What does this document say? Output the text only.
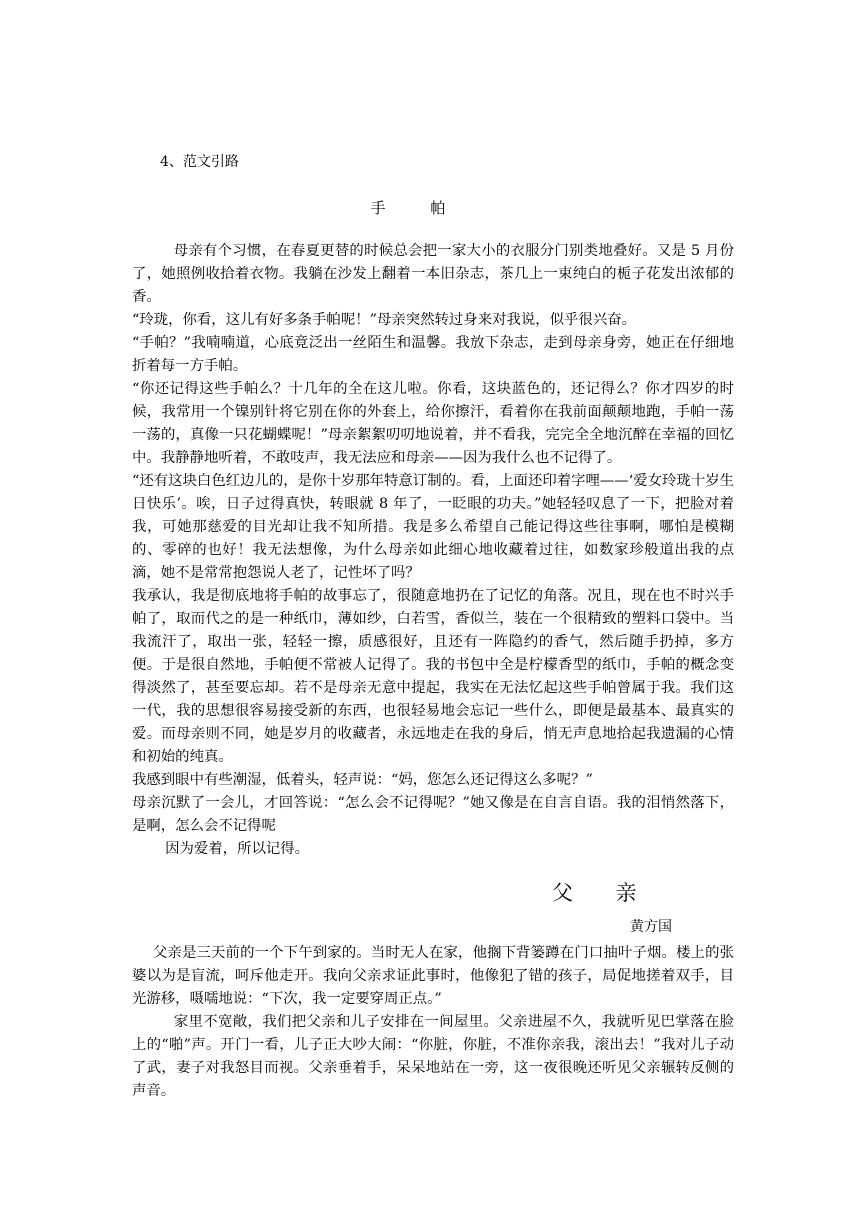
4、范文引路
手 帕

母亲有个习惯，在春夏更替的时候总会把一家大小的衣服分门别类地叠好。又是 5 月份了，她照例收拾着衣物。我躺在沙发上翻着一本旧杂志，茶几上一束纯白的栀子花发出浓郁的香。

“玲珑，你看，这儿有好多条手帕呢！”母亲突然转过身来对我说，似乎很兴奋。

“手帕？”我喃喃道，心底竟泛出一丝陌生和温馨。我放下杂志，走到母亲身旁，她正在仔细地折着每一方手帕。

“你还记得这些手帕么？十几年的全在这儿啦。你看，这块蓝色的，还记得么？你才四岁的时候，我常用一个镍别针将它别在你的外套上，给你擦汗，看着你在我前面颠颠地跑，手帕一荡一荡的，真像一只花蝴蝶呢！”母亲絮絮叨叨地说着，并不看我，完完全全地沉醉在幸福的回忆中。我静静地听着，不敢吱声，我无法应和母亲——因为我什么也不记得了。

“还有这块白色红边儿的，是你十岁那年特意订制的。看，上面还印着字哩——‘爱女玲珑十岁生日快乐’。唉，日子过得真快，转眼就 8 年了，一眨眼的功夫。”她轻轻叹息了一下，把脸对着我，可她那慈爱的目光却让我不知所措。我是多么希望自己能记得这些往事啊，哪怕是模糊的、零碎的也好！我无法想像，为什么母亲如此细心地收藏着过往，如数家珍般道出我的点滴，她不是常常抱怨说人老了，记性坏了吗？

我承认，我是彻底地将手帕的故事忘了，很随意地扔在了记忆的角落。况且，现在也不时兴手帕了，取而代之的是一种纸巾，薄如纱，白若雪，香似兰，装在一个很精致的塑料口袋中。当我流汗了，取出一张，轻轻一擦，质感很好，且还有一阵隐约的香气，然后随手扔掉，多方便。于是很自然地，手帕便不常被人记得了。我的书包中全是柠檬香型的纸巾，手帕的概念变得淡然了，甚至要忘却。若不是母亲无意中提起，我实在无法忆起这些手帕曾属于我。我们这一代，我的思想很容易接受新的东西，也很轻易地会忘记一些什么，即便是最基本、最真实的爱。而母亲则不同，她是岁月的收藏者，永远地走在我的身后，悄无声息地拾起我遗漏的心情和初始的纯真。

我感到眼中有些潮湿，低着头，轻声说：“妈，您怎么还记得这么多呢？”

母亲沉默了一会儿，才回答说：“怎么会不记得呢？”她又像是在自言自语。我的泪悄然落下，是啊，怎么会不记得呢

因为爱着，所以记得。

父 亲
黄方国

父亲是三天前的一个下午到家的。当时无人在家，他搁下背篓蹲在门口抽叶子烟。楼上的张婆以为是盲流，呵斥他走开。我向父亲求证此事时，他像犯了错的孩子，局促地搓着双手，目光游移，嗫嚅地说：“下次，我一定要穿周正点。”

家里不宽敞，我们把父亲和儿子安排在一间屋里。父亲进屋不久，我就听见巴掌落在脸上的“啪”声。开门一看，儿子正大吵大闹：“你脏，你脏，不准你亲我，滚出去！”我对儿子动了武，妻子对我怒目而视。父亲垂着手，呆呆地站在一旁，这一夜很晚还听见父亲辗转反侧的声音。
